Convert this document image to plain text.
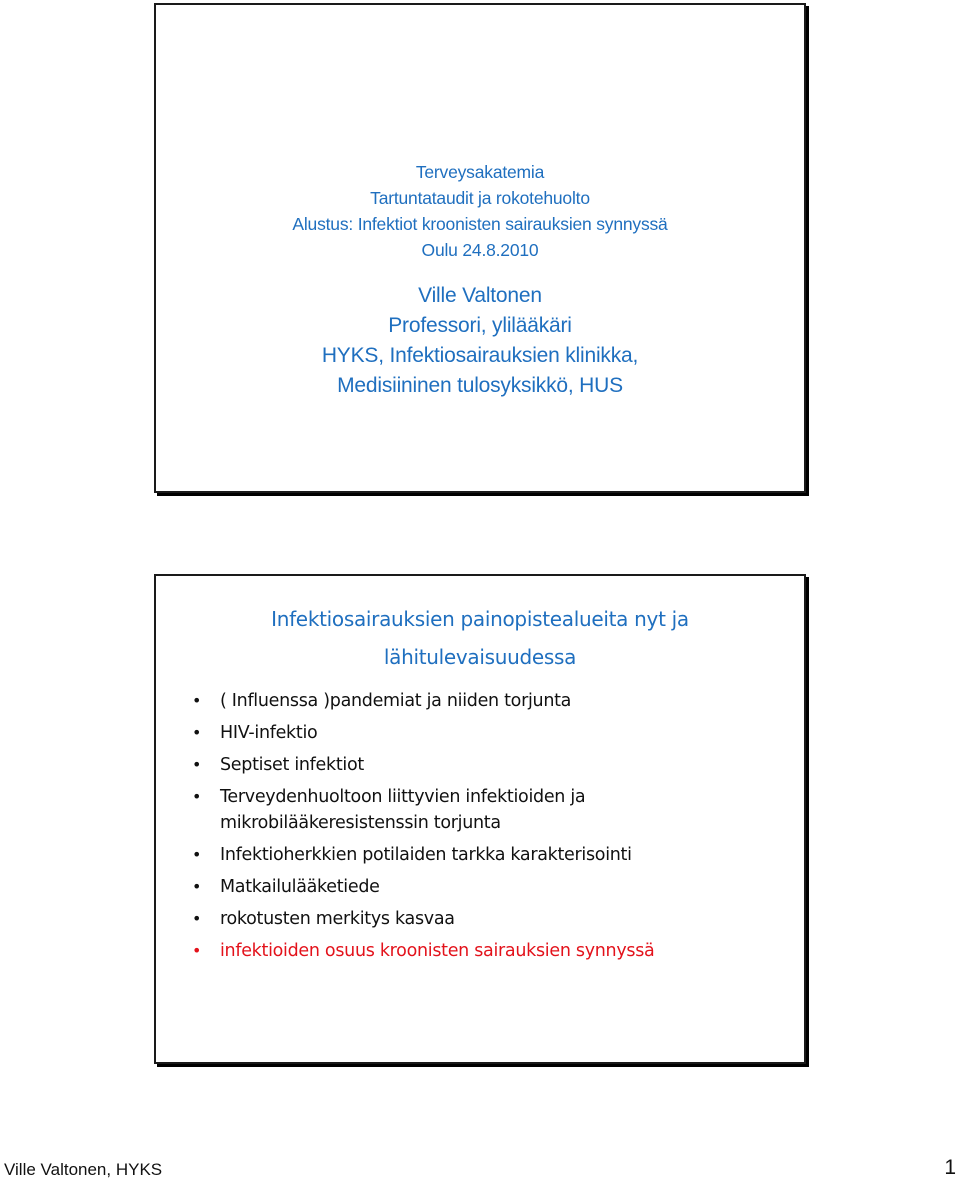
Terveysakatemia
Tartuntataudit ja rokotehuolto
Alustus: Infektiot kroonisten sairauksien synnyssä
Oulu 24.8.2010
Ville Valtonen
Professori, ylilääkäri
HYKS, Infektiosairauksien klinikka,
Medisiininen tulosyksikkö, HUS
Infektiosairauksien painopistealueita nyt ja
lähitulevaisuudessa
• ( Influenssa )pandemiat ja niiden torjunta
• HIV-infektio
• Septiset infektiot
• Terveydenhuoltoon liittyvien infektioiden ja
mikrobilääkeresistenssin torjunta
• Infektioherkkien potilaiden tarkka karakterisointi
• Matkailulääketiede
• rokotusten merkitys kasvaa
• infektioiden osuus kroonisten sairauksien synnyssä
Ville Valtonen, HYKS	1
